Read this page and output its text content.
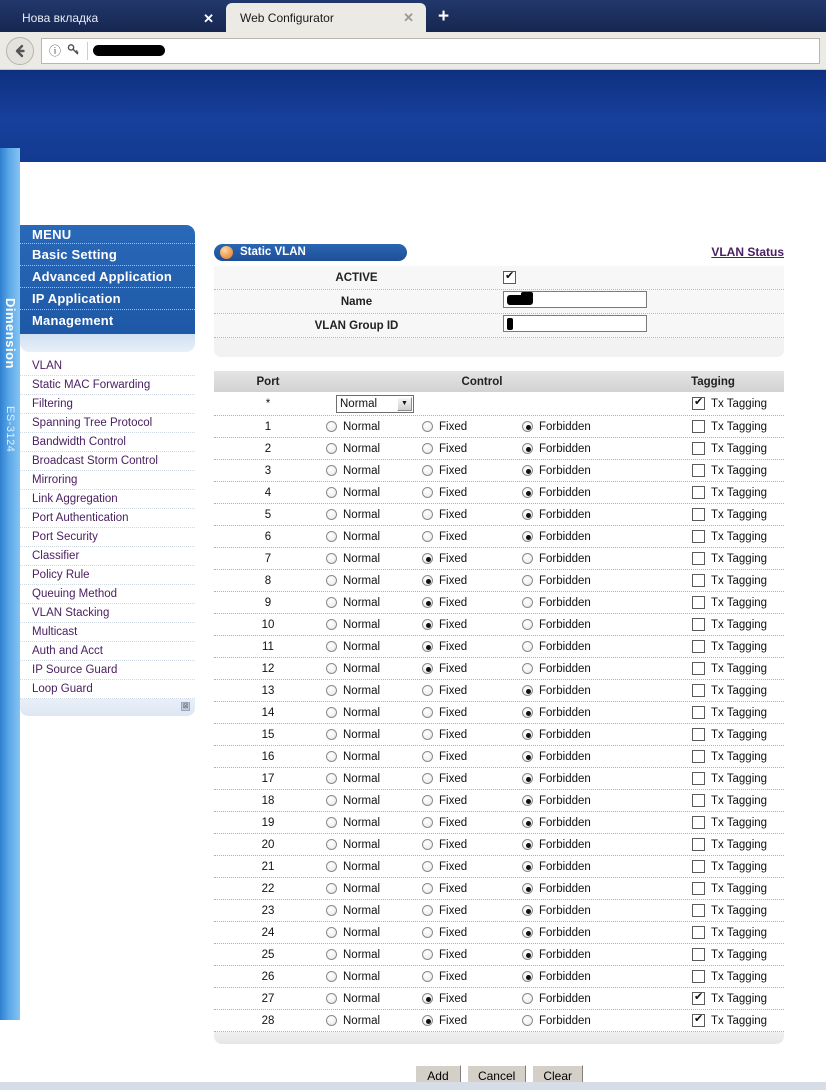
Нова вкладка	✕	Web Configurator	✕	+
ⓘ
ZyXEL
Dimension
ES-3124
MENU
Basic Setting
Advanced Application
IP Application
Management
VLAN
Static MAC Forwarding
Filtering
Spanning Tree Protocol
Bandwidth Control
Broadcast Storm Control
Mirroring
Link Aggregation
Port Authentication
Port Security
Classifier
Policy Rule
Queuing Method
VLAN Stacking
Multicast
Auth and Acct
IP Source Guard
Loop Guard
⊠
Static VLAN	VLAN Status
ACTIVE
✔
Name
VLAN Group ID
Port	Control	Tagging
*	Normal	▼ ✔	Tx Tagging
1	Normal	Fixed	Forbidden	Tx Tagging
2	Normal	Fixed	Forbidden	Tx Tagging
3	Normal	Fixed	Forbidden	Tx Tagging
4	Normal	Fixed	Forbidden	Tx Tagging
5	Normal	Fixed	Forbidden	Tx Tagging
6	Normal	Fixed	Forbidden	Tx Tagging
7	Normal	Fixed	Forbidden	Tx Tagging
8	Normal	Fixed	Forbidden	Tx Tagging
9	Normal	Fixed	Forbidden	Tx Tagging
10	Normal	Fixed	Forbidden	Tx Tagging
11	Normal	Fixed	Forbidden	Tx Tagging
12	Normal	Fixed	Forbidden	Tx Tagging
13	Normal	Fixed	Forbidden	Tx Tagging
14	Normal	Fixed	Forbidden	Tx Tagging
15	Normal	Fixed	Forbidden	Tx Tagging
16	Normal	Fixed	Forbidden	Tx Tagging
17	Normal	Fixed	Forbidden	Tx Tagging
18	Normal	Fixed	Forbidden	Tx Tagging
19	Normal	Fixed	Forbidden	Tx Tagging
20	Normal	Fixed	Forbidden	Tx Tagging
21	Normal	Fixed	Forbidden	Tx Tagging
22	Normal	Fixed	Forbidden	Tx Tagging
23	Normal	Fixed	Forbidden	Tx Tagging
24	Normal	Fixed	Forbidden	Tx Tagging
25	Normal	Fixed	Forbidden	Tx Tagging
26	Normal	Fixed	Forbidden	Tx Tagging
27	Normal	Fixed	Forbidden ✔	Tx Tagging
28	Normal	Fixed	Forbidden ✔	Tx Tagging
Add	Cancel	Clear
